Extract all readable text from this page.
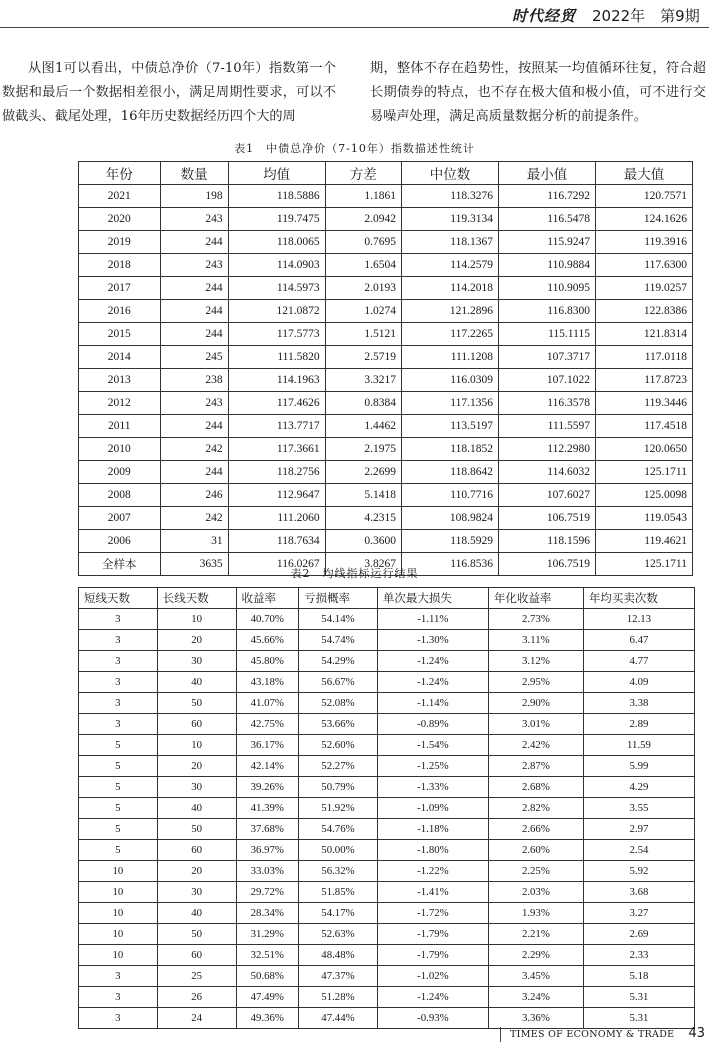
时代经贸 2022年　第9期
从图1可以看出，中债总净价（7-10年）指数第一个数据和最后一个数据相差很小，满足周期性要求，可以不做截头、截尾处理，16年历史数据经历四个大的周
期，整体不存在趋势性，按照某一均值循环往复，符合超长期债券的特点，也不存在极大值和极小值，可不进行交易噪声处理，满足高质量数据分析的前提条件。
表1　中债总净价（7-10年）指数描述性统计
年份	数量	均值	方差	中位数	最小值	最大值
2021	198	118.5886	1.1861	118.3276	116.7292	120.7571
2020	243	119.7475	2.0942	119.3134	116.5478	124.1626
2019	244	118.0065	0.7695	118.1367	115.9247	119.3916
2018	243	114.0903	1.6504	114.2579	110.9884	117.6300
2017	244	114.5973	2.0193	114.2018	110.9095	119.0257
2016	244	121.0872	1.0274	121.2896	116.8300	122.8386
2015	244	117.5773	1.5121	117.2265	115.1115	121.8314
2014	245	111.5820	2.5719	111.1208	107.3717	117.0118
2013	238	114.1963	3.3217	116.0309	107.1022	117.8723
2012	243	117.4626	0.8384	117.1356	116.3578	119.3446
2011	244	113.7717	1.4462	113.5197	111.5597	117.4518
2010	242	117.3661	2.1975	118.1852	112.2980	120.0650
2009	244	118.2756	2.2699	118.8642	114.6032	125.1711
2008	246	112.9647	5.1418	110.7716	107.6027	125.0098
2007	242	111.2060	4.2315	108.9824	106.7519	119.0543
2006	31	118.7634	0.3600	118.5929	118.1596	119.4621
全样本	3635	116.0267	3.8267	116.8536	106.7519	125.1711
表2　均线指标运行结果
短线天数	长线天数	收益率	亏损概率	单次最大损失	年化收益率	年均买卖次数
3	10	40.70%	54.14%	-1.11%	2.73%	12.13
3	20	45.66%	54.74%	-1.30%	3.11%	6.47
3	30	45.80%	54.29%	-1.24%	3.12%	4.77
3	40	43.18%	56.67%	-1.24%	2.95%	4.09
3	50	41.07%	52.08%	-1.14%	2.90%	3.38
3	60	42.75%	53.66%	-0.89%	3.01%	2.89
5	10	36.17%	52.60%	-1.54%	2.42%	11.59
5	20	42.14%	52.27%	-1.25%	2.87%	5.99
5	30	39.26%	50.79%	-1.33%	2.68%	4.29
5	40	41.39%	51.92%	-1.09%	2.82%	3.55
5	50	37.68%	54.76%	-1.18%	2.66%	2.97
5	60	36.97%	50.00%	-1.80%	2.60%	2.54
10	20	33.03%	56.32%	-1.22%	2.25%	5.92
10	30	29.72%	51.85%	-1.41%	2.03%	3.68
10	40	28.34%	54.17%	-1.72%	1.93%	3.27
10	50	31.29%	52.63%	-1.79%	2.21%	2.69
10	60	32.51%	48.48%	-1.79%	2.29%	2.33
3	25	50.68%	47.37%	-1.02%	3.45%	5.18
3	26	47.49%	51.28%	-1.24%	3.24%	5.31
3	24	49.36%	47.44%	-0.93%	3.36%	5.31
TIMES OF ECONOMY & TRADE 43
